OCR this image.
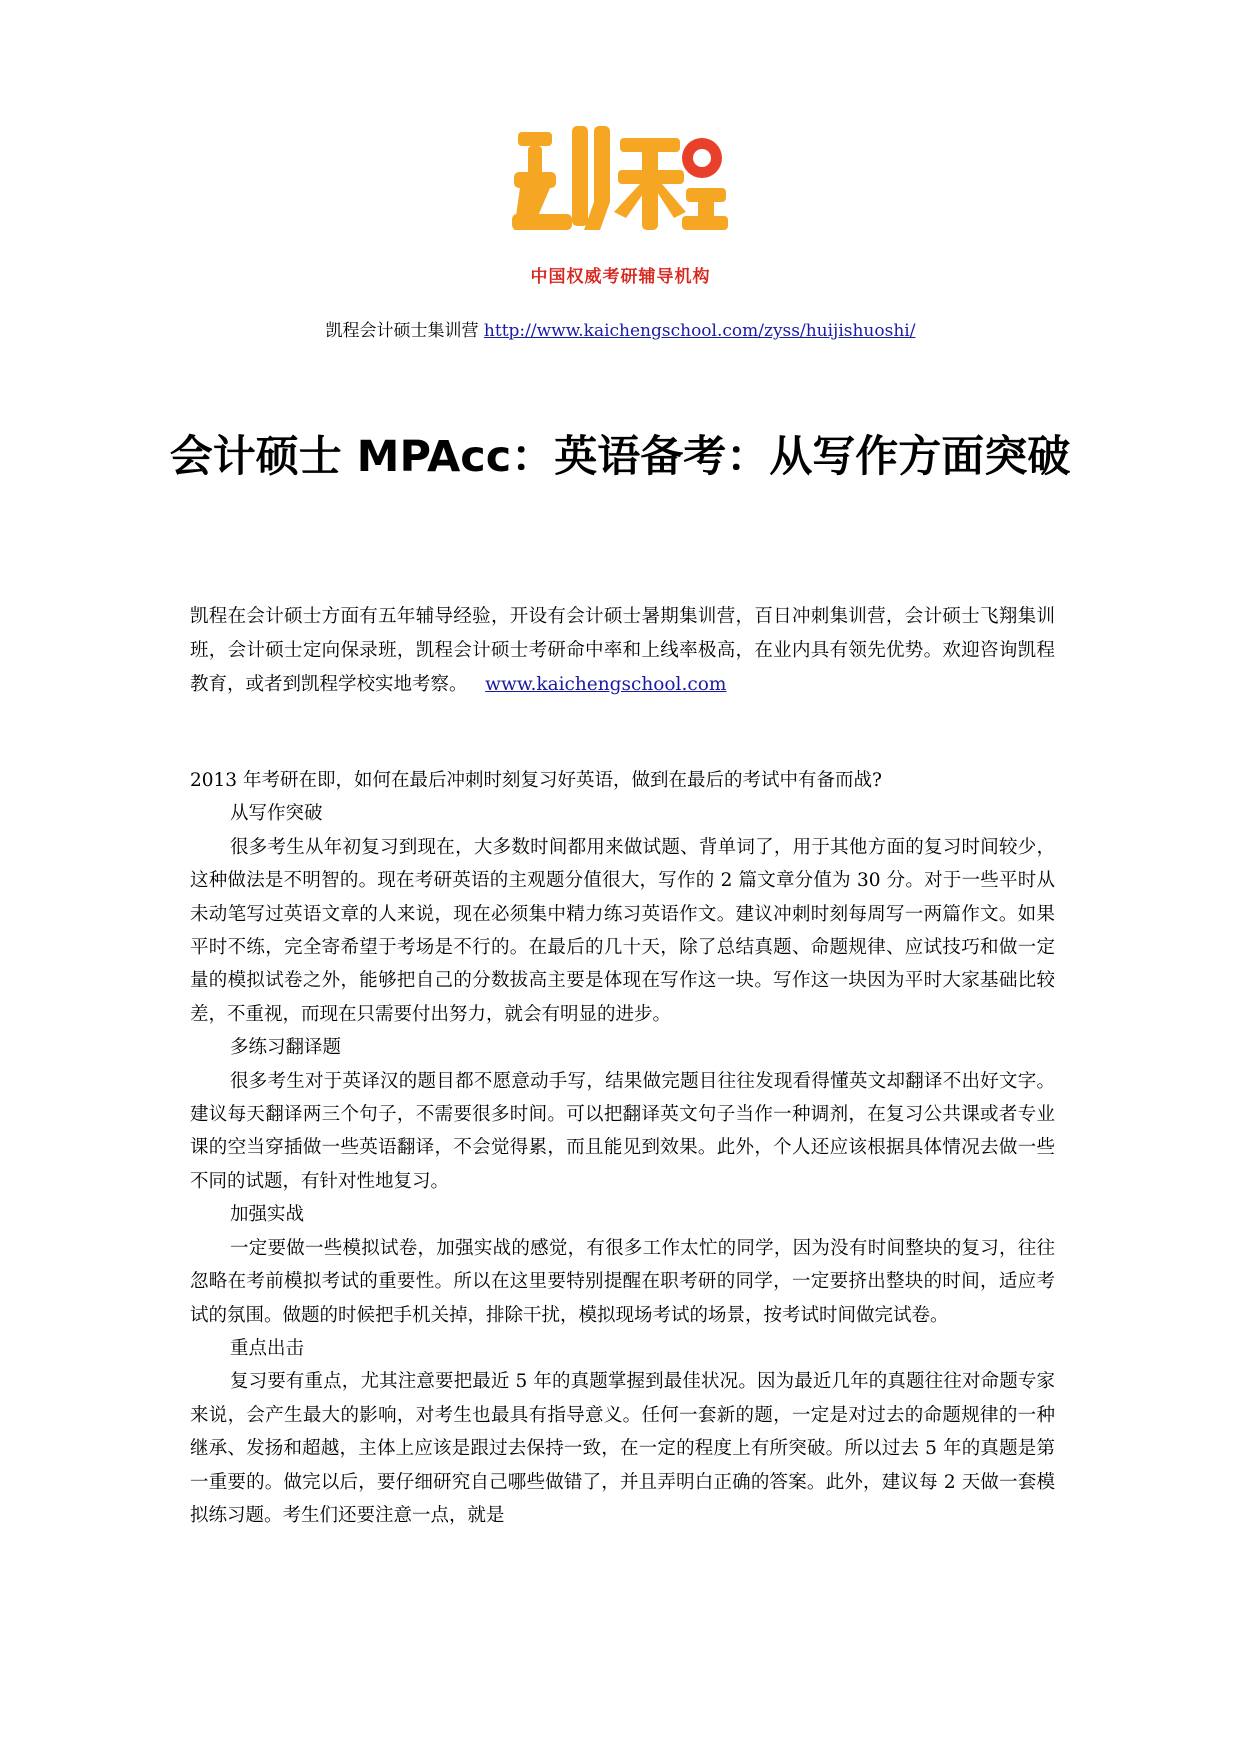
中国权威考研辅导机构
凯程会计硕士集训营 http://www.kaichengschool.com/zyss/huijishuoshi/
会计硕士 MPAcc：英语备考：从写作方面突破

凯程在会计硕士方面有五年辅导经验，开设有会计硕士暑期集训营，百日冲刺集训营，会计硕士飞翔集训班，会计硕士定向保录班，凯程会计硕士考研命中率和上线率极高，在业内具有领先优势。欢迎咨询凯程教育，或者到凯程学校实地考察。 www.kaichengschool.com

2013 年考研在即，如何在最后冲刺时刻复习好英语，做到在最后的考试中有备而战?

从写作突破

很多考生从年初复习到现在，大多数时间都用来做试题、背单词了，用于其他方面的复习时间较少，这种做法是不明智的。现在考研英语的主观题分值很大，写作的 2 篇文章分值为 30 分。对于一些平时从未动笔写过英语文章的人来说，现在必须集中精力练习英语作文。建议冲刺时刻每周写一两篇作文。如果平时不练，完全寄希望于考场是不行的。在最后的几十天，除了总结真题、命题规律、应试技巧和做一定量的模拟试卷之外，能够把自己的分数拔高主要是体现在写作这一块。写作这一块因为平时大家基础比较差，不重视，而现在只需要付出努力，就会有明显的进步。

多练习翻译题

很多考生对于英译汉的题目都不愿意动手写，结果做完题目往往发现看得懂英文却翻译不出好文字。建议每天翻译两三个句子，不需要很多时间。可以把翻译英文句子当作一种调剂，在复习公共课或者专业课的空当穿插做一些英语翻译，不会觉得累，而且能见到效果。此外，个人还应该根据具体情况去做一些不同的试题，有针对性地复习。

加强实战

一定要做一些模拟试卷，加强实战的感觉，有很多工作太忙的同学，因为没有时间整块的复习，往往忽略在考前模拟考试的重要性。所以在这里要特别提醒在职考研的同学，一定要挤出整块的时间，适应考试的氛围。做题的时候把手机关掉，排除干扰，模拟现场考试的场景，按考试时间做完试卷。

重点出击

复习要有重点，尤其注意要把最近 5 年的真题掌握到最佳状况。因为最近几年的真题往往对命题专家来说，会产生最大的影响，对考生也最具有指导意义。任何一套新的题，一定是对过去的命题规律的一种继承、发扬和超越，主体上应该是跟过去保持一致，在一定的程度上有所突破。所以过去 5 年的真题是第一重要的。做完以后，要仔细研究自己哪些做错了，并且弄明白正确的答案。此外，建议每 2 天做一套模拟练习题。考生们还要注意一点，就是
